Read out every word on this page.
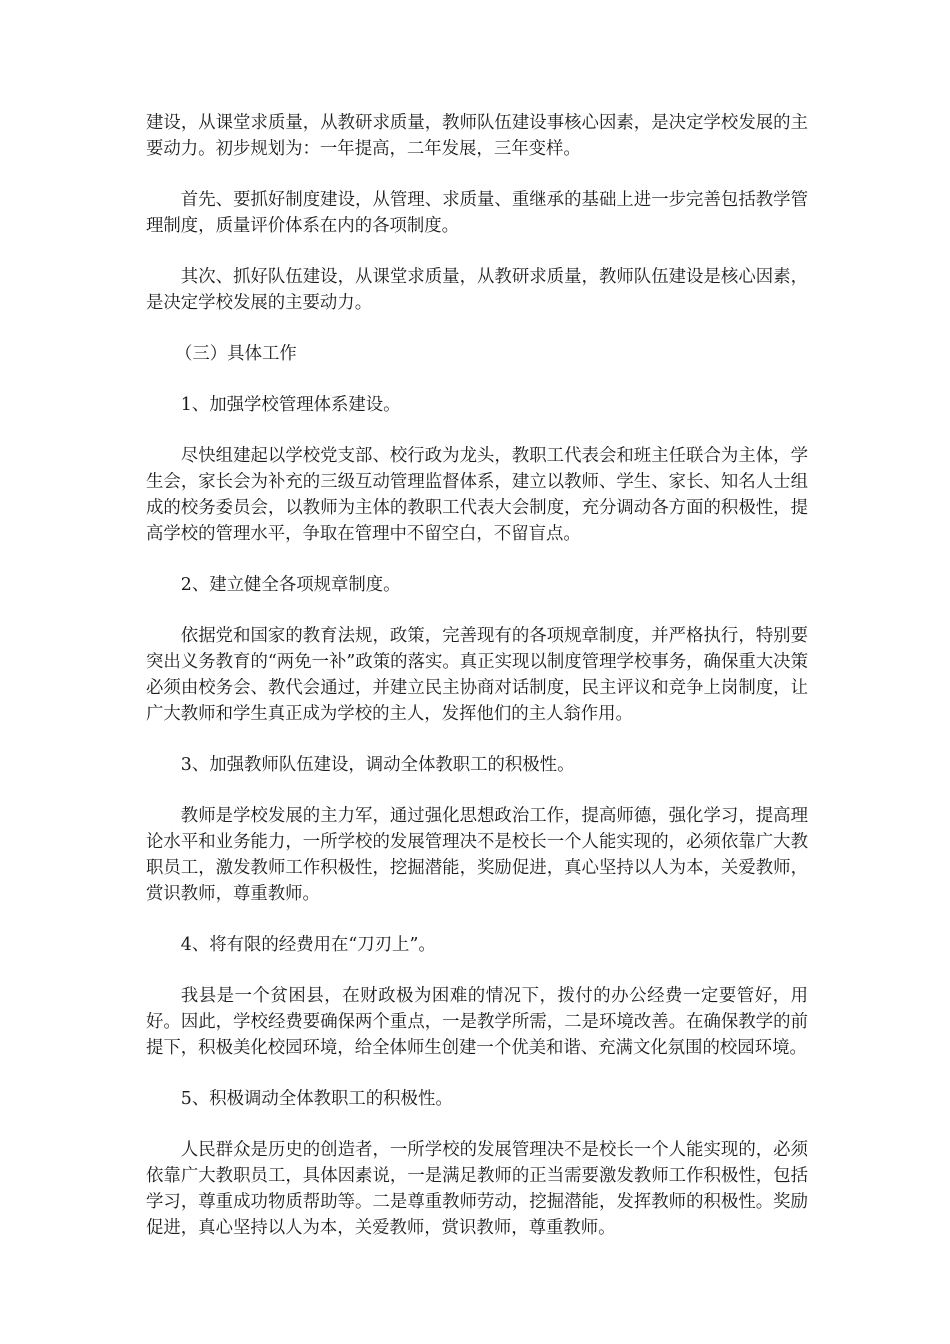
建设，从课堂求质量，从教研求质量，教师队伍建设事核心因素，是决定学校发展的主要动力。初步规划为：一年提高，二年发展，三年变样。

首先、要抓好制度建设，从管理、求质量、重继承的基础上进一步完善包括教学管理制度，质量评价体系在内的各项制度。

其次、抓好队伍建设，从课堂求质量，从教研求质量，教师队伍建设是核心因素，是决定学校发展的主要动力。

（三）具体工作

1、加强学校管理体系建设。

尽快组建起以学校党支部、校行政为龙头，教职工代表会和班主任联合为主体，学生会，家长会为补充的三级互动管理监督体系，建立以教师、学生、家长、知名人士组成的校务委员会，以教师为主体的教职工代表大会制度，充分调动各方面的积极性，提高学校的管理水平，争取在管理中不留空白，不留盲点。

2、建立健全各项规章制度。

依据党和国家的教育法规，政策，完善现有的各项规章制度，并严格执行，特别要突出义务教育的“两免一补”政策的落实。真正实现以制度管理学校事务，确保重大决策必须由校务会、教代会通过，并建立民主协商对话制度，民主评议和竞争上岗制度，让广大教师和学生真正成为学校的主人，发挥他们的主人翁作用。

3、加强教师队伍建设，调动全体教职工的积极性。

教师是学校发展的主力军，通过强化思想政治工作，提高师德，强化学习，提高理论水平和业务能力，一所学校的发展管理决不是校长一个人能实现的，必须依靠广大教职员工，激发教师工作积极性，挖掘潜能，奖励促进，真心坚持以人为本，关爱教师，赏识教师，尊重教师。

4、将有限的经费用在“刀刃上”。

我县是一个贫困县，在财政极为困难的情况下，拨付的办公经费一定要管好，用好。因此，学校经费要确保两个重点，一是教学所需，二是环境改善。在确保教学的前提下，积极美化校园环境，给全体师生创建一个优美和谐、充满文化氛围的校园环境。

5、积极调动全体教职工的积极性。

人民群众是历史的创造者，一所学校的发展管理决不是校长一个人能实现的，必须依靠广大教职员工，具体因素说，一是满足教师的正当需要激发教师工作积极性，包括学习，尊重成功物质帮助等。二是尊重教师劳动，挖掘潜能，发挥教师的积极性。奖励促进，真心坚持以人为本，关爱教师，赏识教师，尊重教师。
